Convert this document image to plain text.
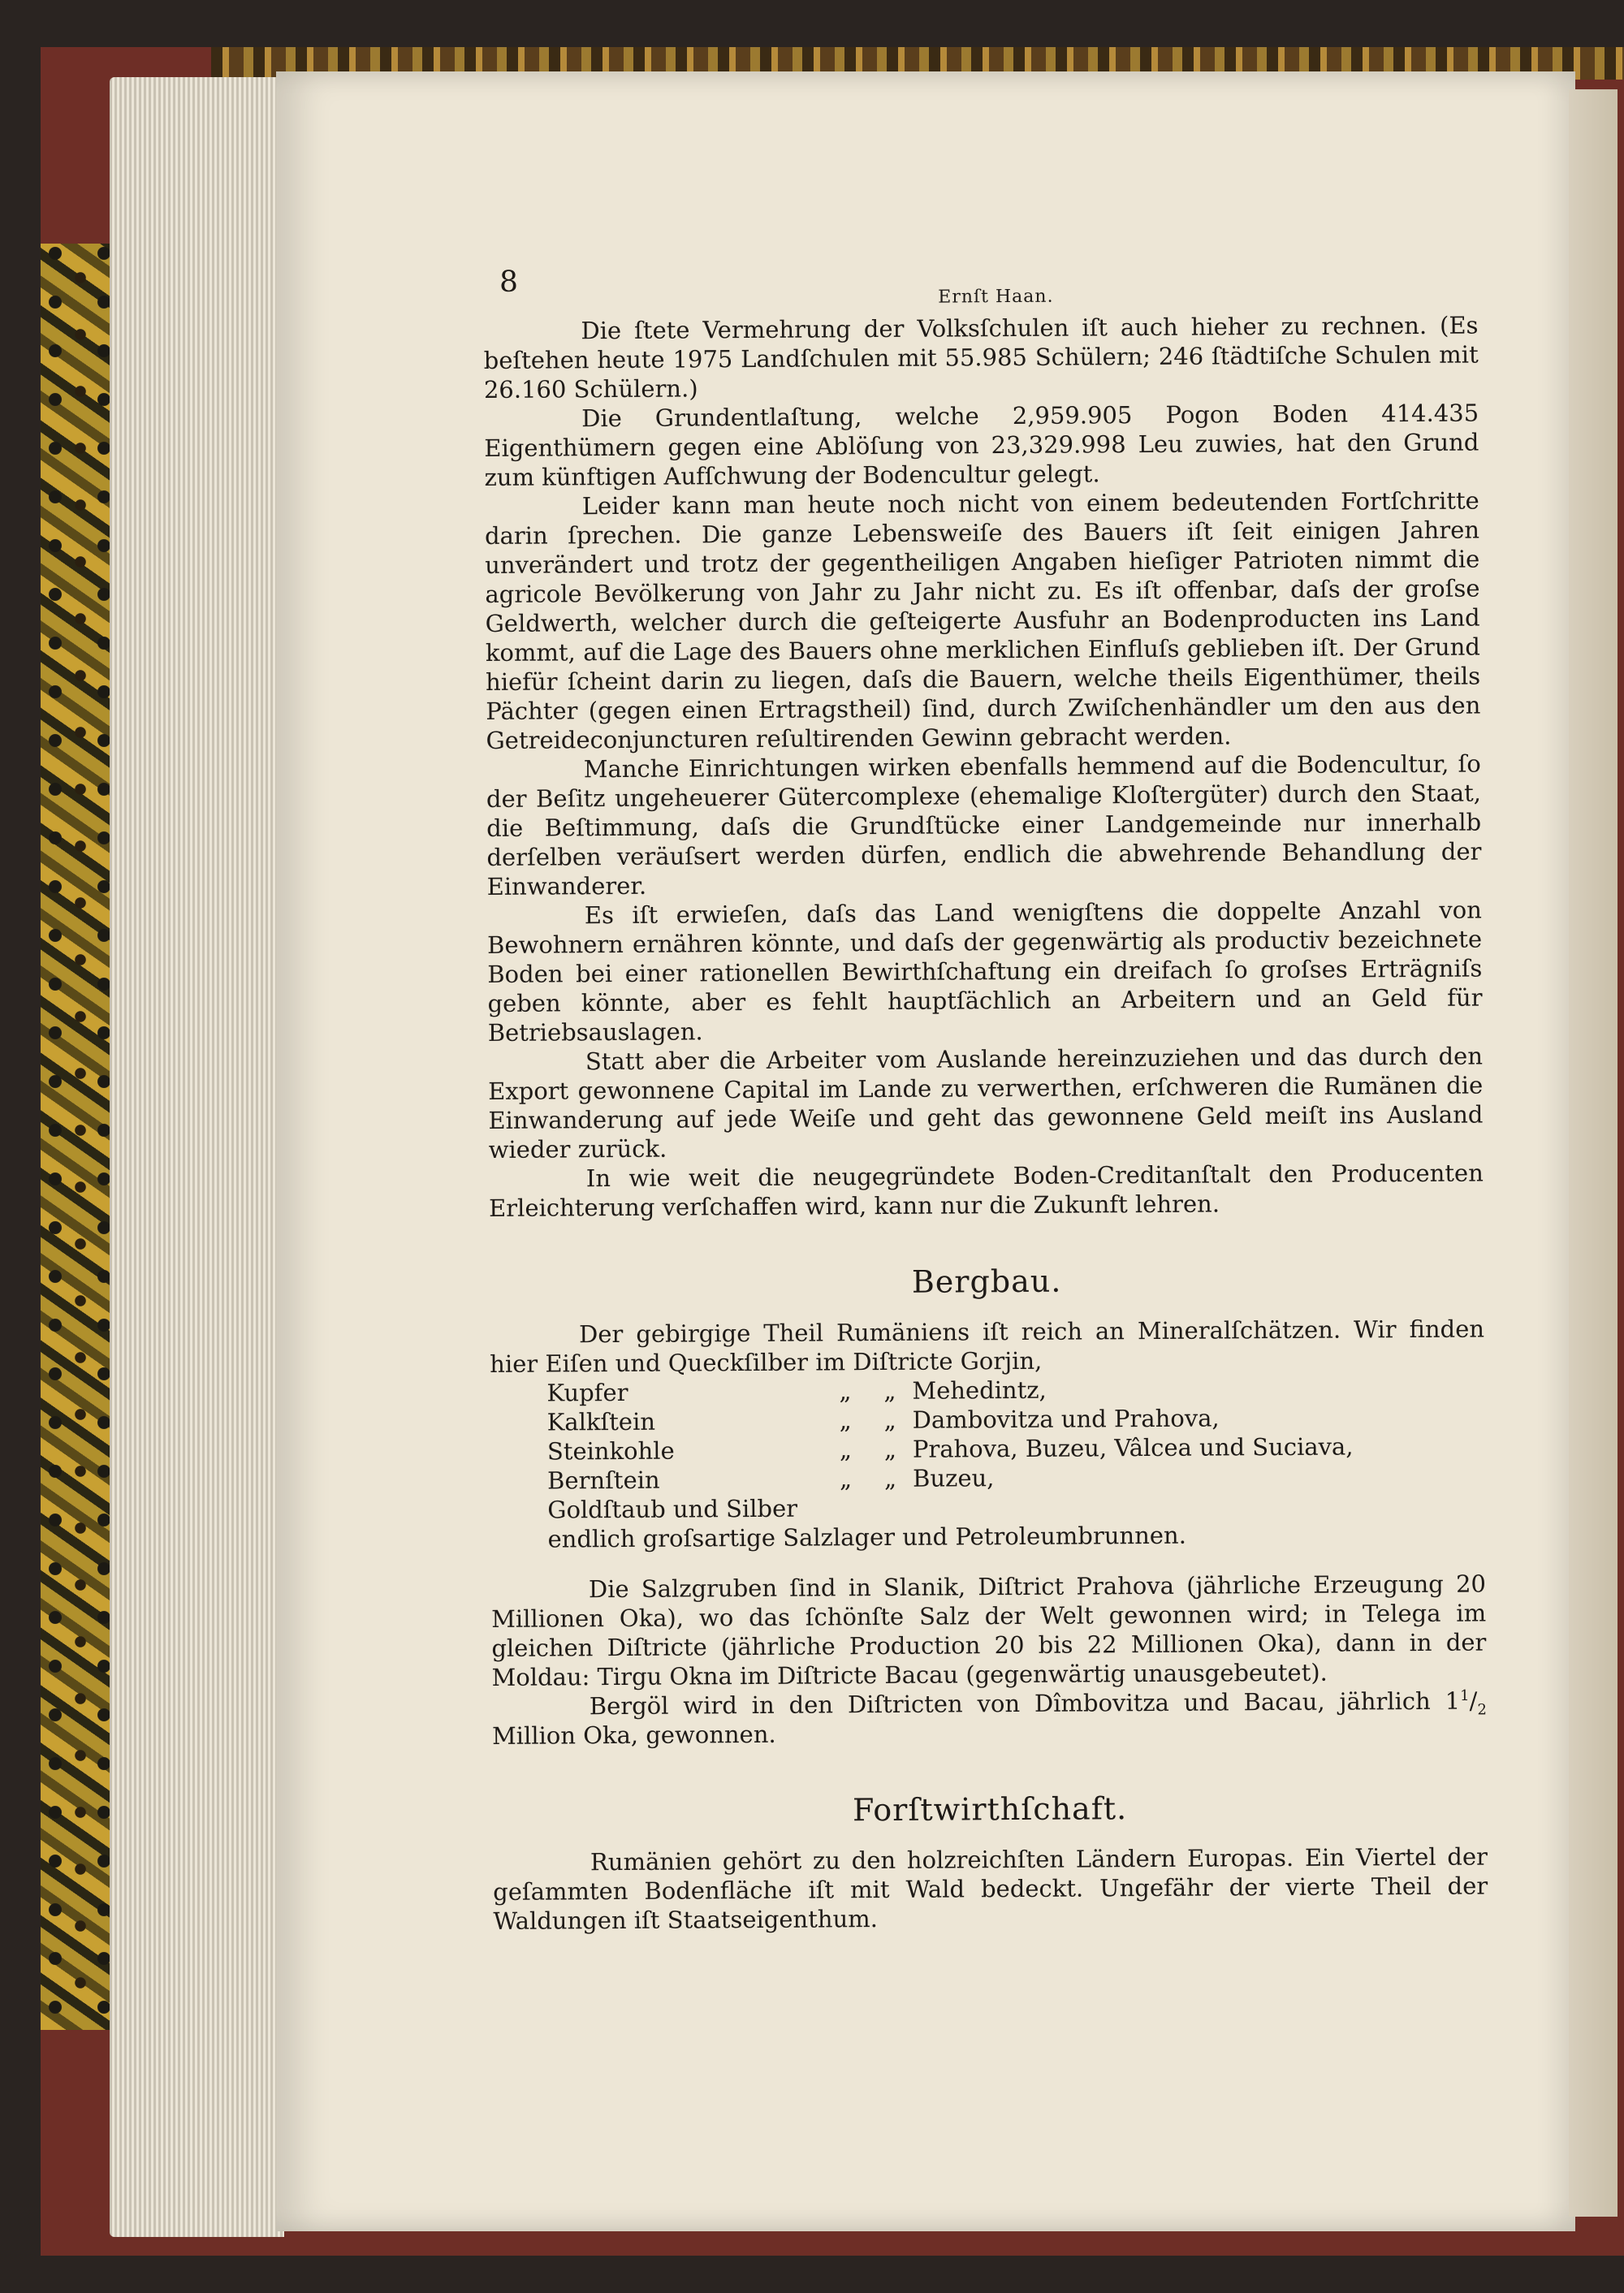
8	Ernſt Haan.

Die ſtete Vermehrung der Volksſchulen iſt auch hieher zu rechnen. (Es beſtehen heute 1975 Landſchulen mit 55.985 Schülern; 246 ſtädtiſche Schulen mit 26.160 Schülern.)

Die Grundentlaſtung, welche 2,959.905 Pogon Boden 414.435 Eigenthümern gegen eine Ablöſung von 23,329.998 Leu zuwies, hat den Grund zum künftigen Aufſchwung der Bodencultur gelegt.

Leider kann man heute noch nicht von einem bedeutenden Fortſchritte darin ſprechen. Die ganze Lebensweiſe des Bauers iſt ſeit einigen Jahren unverändert und trotz der gegentheiligen Angaben hieſiger Patrioten nimmt die agricole Bevölkerung von Jahr zu Jahr nicht zu. Es iſt offenbar, daſs der groſse Geldwerth, welcher durch die geſteigerte Ausfuhr an Bodenproducten ins Land kommt, auf die Lage des Bauers ohne merklichen Einfluſs geblieben iſt. Der Grund hiefür ſcheint darin zu liegen, daſs die Bauern, welche theils Eigenthümer, theils Pächter (gegen einen Ertragstheil) ſind, durch Zwiſchenhändler um den aus den Getreideconjuncturen reſultirenden Gewinn gebracht werden.

Manche Einrichtungen wirken ebenfalls hemmend auf die Bodencultur, ſo der Beſitz ungeheuerer Gütercomplexe (ehemalige Kloſtergüter) durch den Staat, die Beſtimmung, daſs die Grundſtücke einer Landgemeinde nur innerhalb derſelben veräuſsert werden dürfen, endlich die abwehrende Behandlung der Einwanderer.

Es iſt erwieſen, daſs das Land wenigſtens die doppelte Anzahl von Bewohnern ernähren könnte, und daſs der gegenwärtig als productiv bezeichnete Boden bei einer rationellen Bewirthſchaftung ein dreifach ſo groſses Erträgniſs geben könnte, aber es fehlt hauptſächlich an Arbeitern und an Geld für Betriebsauslagen.

Statt aber die Arbeiter vom Auslande hereinzuziehen und das durch den Export gewonnene Capital im Lande zu verwerthen, erſchweren die Rumänen die Einwanderung auf jede Weiſe und geht das gewonnene Geld meiſt ins Ausland wieder zurück.

In wie weit die neugegründete Boden-Creditanſtalt den Producenten Erleichterung verſchaffen wird, kann nur die Zukunft lehren.

Bergbau.

Der gebirgige Theil Rumäniens iſt reich an Mineralſchätzen. Wir finden hier Eiſen und Queckſilber im Diſtricte Gorjin,

Kupfer	„	„ Mehedintz,
Kalkſtein	„	„ Dambovitza und Prahova,
Steinkohle	„	„ Prahova, Buzeu, Vâlcea und Suciava,
Bernſtein	„	„ Buzeu,
Goldſtaub und Silber

endlich groſsartige Salzlager und Petroleumbrunnen.

Die Salzgruben ſind in Slanik, Diſtrict Prahova (jährliche Erzeugung 20 Millionen Oka), wo das ſchönſte Salz der Welt gewonnen wird; in Telega im gleichen Diſtricte (jährliche Production 20 bis 22 Millionen Oka), dann in der Moldau: Tirgu Okna im Diſtricte Bacau (gegenwärtig unausgebeutet).

Bergöl wird in den Diſtricten von Dîmbovitza und Bacau, jährlich $1^1/_2$ Million Oka, gewonnen.

Forſtwirthſchaft.

Rumänien gehört zu den holzreichſten Ländern Europas. Ein Viertel der geſammten Bodenfläche iſt mit Wald bedeckt. Ungefähr der vierte Theil der Waldungen iſt Staatseigenthum.
